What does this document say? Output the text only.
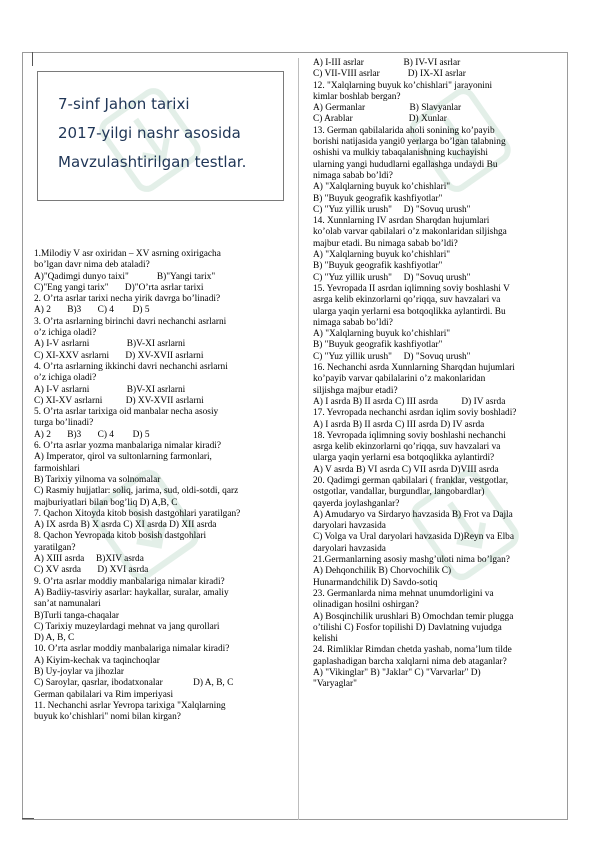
7-sinf Jahon tarixi
2017-yilgi nashr asosida
Mavzulashtirilgan testlar.
1.Milodiy V asr oxiridan – XV asrning oxirigacha
bo’lgan davr nima deb ataladi?
A)"Qadimgi dunyo taixi"            B)"Yangi tarix"
C)"Eng yangi tarix"       D)"O’rta asrlar tarixi
2. O’rta asrlar tarixi necha yirik davrga bo’linadi?
A) 2       B)3       C) 4        D) 5
3. O’rta asrlarning birinchi davri nechanchi asrlarni
o’z ichiga oladi?
A) I-V asrlarni                B)V-XI asrlarni
C) XI-XXV asrlarni       D) XV-XVII asrlarni
4. O’rta asrlarning ikkinchi davri nechanchi asrlarni
o’z ichiga oladi?
A) I-V asrlarni                B)V-XI asrlarni
C) XI-XV asrlarni          D) XV-XVII asrlarni
5. O’rta asrlar tarixiga oid manbalar necha asosiy
turga bo’linadi?
A) 2       B)3       C) 4        D) 5
6. O’rta asrlar yozma manbalariga nimalar kiradi?
A) Imperator, qirol va sultonlarning farmonlari,
farmoishlari
B) Tarixiy yilnoma va solnomalar
C) Rasmiy hujjatlar: soliq, jarima, sud, oldi-sotdi, qarz
majburiyatlari bilan bog’liq D) A,B, C
7. Qachon Xitoyda kitob bosish dastgohlari yaratilgan?
A) IX asrda B) X asrda C) XI asrda D) XII asrda
8. Qachon Yevropada kitob bosish dastgohlari
yaratilgan?
A) XIII asrda     B)XIV asrda
C) XV asrda       D) XVI asrda
9. O’rta asrlar moddiy manbalariga nimalar kiradi?
A) Badiiy-tasviriy asarlar: haykallar, suralar, amaliy
san’at namunalari
B)Turli tanga-chaqalar
C) Tarixiy muzeylardagi mehnat va jang qurollari
D) A, B, C
10. O’rta asrlar moddiy manbalariga nimalar kiradi?
A) Kiyim-kechak va taqinchoqlar
B) Uy-joylar va jihozlar
C) Saroylar, qasrlar, ibodatxonalar             D) A, B, C
German qabilalari va Rim imperiyasi
11. Nechanchi asrlar Yevropa tarixiga "Xalqlarning
buyuk ko’chishlari" nomi bilan kirgan?
A) I-III asrlar                 B) IV-VI asrlar
C) VII-VIII asrlar            D) IX-XI asrlar
12. "Xalqlarning buyuk ko’chishlari" jarayonini
kimlar boshlab bergan?
A) Germanlar                   B) Slavyanlar
C) Arablar                        D) Xunlar
13. German qabilalarida aholi sonining ko’payib
borishi natijasida yangi0 yerlarga bo’lgan talabning
oshishi va mulkiy tabaqalanishning kuchayishi
ularning yangi hududlarni egallashga undaydi Bu
nimaga sabab bo’ldi?
A) "Xalqlarning buyuk ko’chishlari"
B) "Buyuk geografik kashfiyotlar"
C) "Yuz yillik urush"     D) "Sovuq urush"
14. Xunnlarning IV asrdan Sharqdan hujumlari
ko’olab varvar qabilalari o’z makonlaridan siljishga
majbur etadi. Bu nimaga sabab bo’ldi?
A) "Xalqlarning buyuk ko’chishlari"
B) "Buyuk geografik kashfiyotlar"
C) "Yuz yillik urush"     D) "Sovuq urush"
15. Yevropada II asrdan iqlimning soviy boshlashi V
asrga kelib ekinzorlarni qo’riqqa, suv havzalari va
ularga yaqin yerlarni esa botqoqlikka aylantirdi. Bu
nimaga sabab bo’ldi?
A) "Xalqlarning buyuk ko’chishlari"
B) "Buyuk geografik kashfiyotlar"
C) "Yuz yillik urush"     D) "Sovuq urush"
16. Nechanchi asrda Xunnlarning Sharqdan hujumlari
ko’payib varvar qabilalarini o’z makonlaridan
siljishga majbur etadi?
A) I asrda B) II asrda C) III asrda          D) IV asrda
17. Yevropada nechanchi asrdan iqlim soviy boshladi?
A) I asrda B) II asrda C) III asrda D) IV asrda
18. Yevropada iqlimning soviy boshlashi nechanchi
asrga kelib ekinzorlarni qo’riqqa, suv havzalari va
ularga yaqin yerlarni esa botqoqlikka aylantirdi?
A) V asrda B) VI asrda C) VII asrda D)VIII asrda
20. Qadimgi german qabilalari ( franklar, vestgotlar,
ostgotlar, vandallar, burgundlar, langobardlar)
qayerda joylashganlar?
A) Amudaryo va Sirdaryo havzasida B) Frot va Dajla
daryolari havzasida
C) Volga va Ural daryolari havzasida D)Reyn va Elba
daryolari havzasida
21.Germanlarning asosiy mashg’uloti nima bo’lgan?
A) Dehqonchilik B) Chorvochilik C)
Hunarmandchilik D) Savdo-sotiq
23. Germanlarda nima mehnat unumdorligini va
olinadigan hosilni oshirgan?
A) Bosqinchilik urushlari B) Omochdan temir plugga
o’tilishi C) Fosfor topilishi D) Davlatning vujudga
kelishi
24. Rimliklar Rimdan chetda yashab, noma’lum tilde
gaplashadigan barcha xalqlarni nima deb ataganlar?
A) "Vikinglar" B) "Jaklar" C) "Varvarlar" D)
"Varyaglar"
